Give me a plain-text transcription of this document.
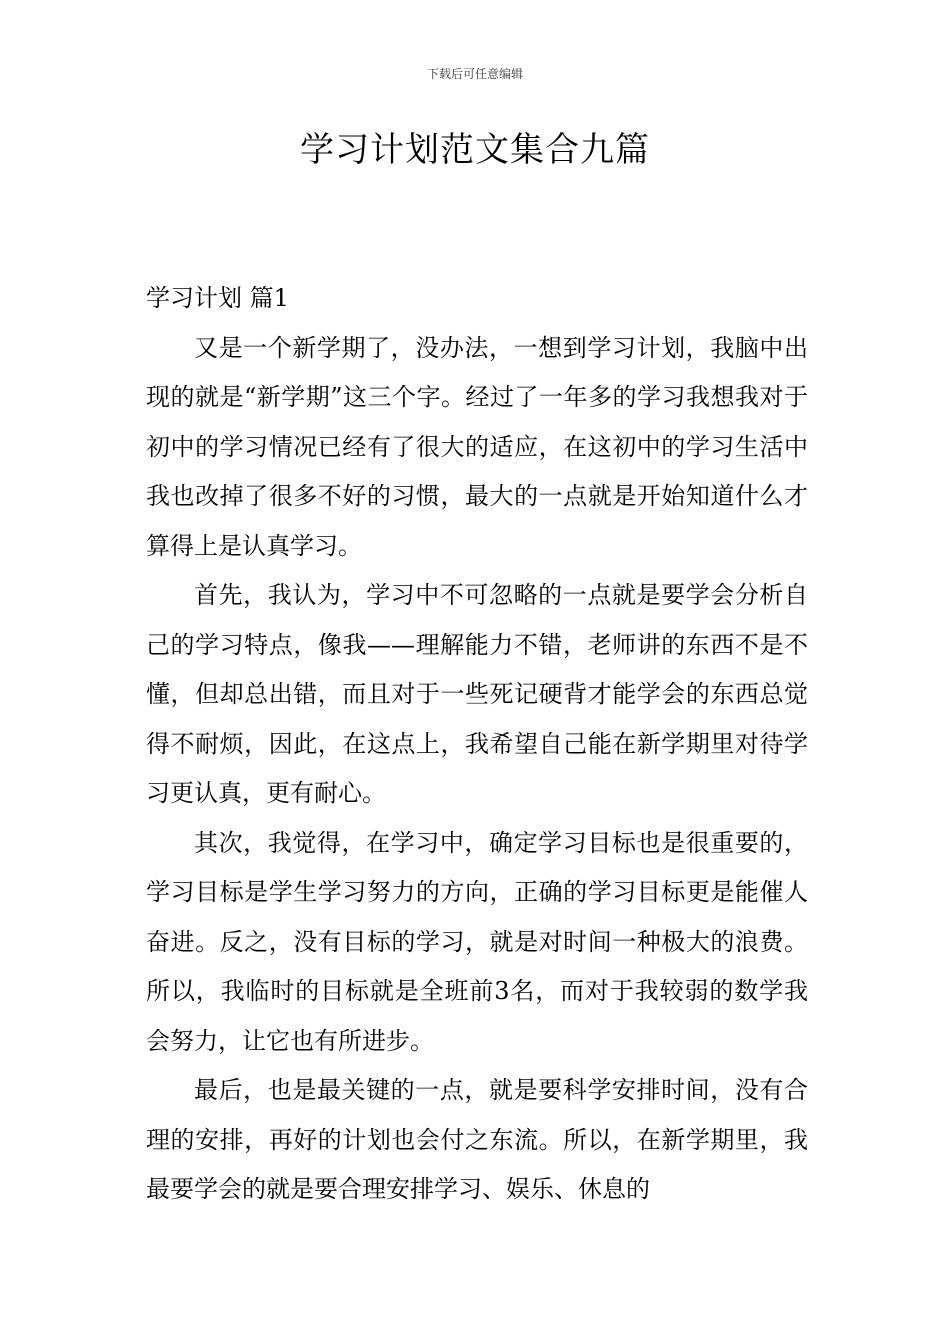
下载后可任意编辑
学习计划范文集合九篇
学习计划 篇1

又是一个新学期了，没办法，一想到学习计划，我脑中出现的就是“新学期”这三个字。经过了一年多的学习我想我对于初中的学习情况已经有了很大的适应，在这初中的学习生活中我也改掉了很多不好的习惯，最大的一点就是开始知道什么才算得上是认真学习。

首先，我认为，学习中不可忽略的一点就是要学会分析自己的学习特点，像我——理解能力不错，老师讲的东西不是不懂，但却总出错，而且对于一些死记硬背才能学会的东西总觉得不耐烦，因此，在这点上，我希望自己能在新学期里对待学习更认真，更有耐心。

其次，我觉得，在学习中，确定学习目标也是很重要的，学习目标是学生学习努力的方向，正确的学习目标更是能催人奋进。反之，没有目标的学习，就是对时间一种极大的浪费。所以，我临时的目标就是全班前3名，而对于我较弱的数学我会努力，让它也有所进步。

最后，也是最关键的一点，就是要科学安排时间，没有合理的安排，再好的计划也会付之东流。所以，在新学期里，我最要学会的就是要合理安排学习、娱乐、休息的
